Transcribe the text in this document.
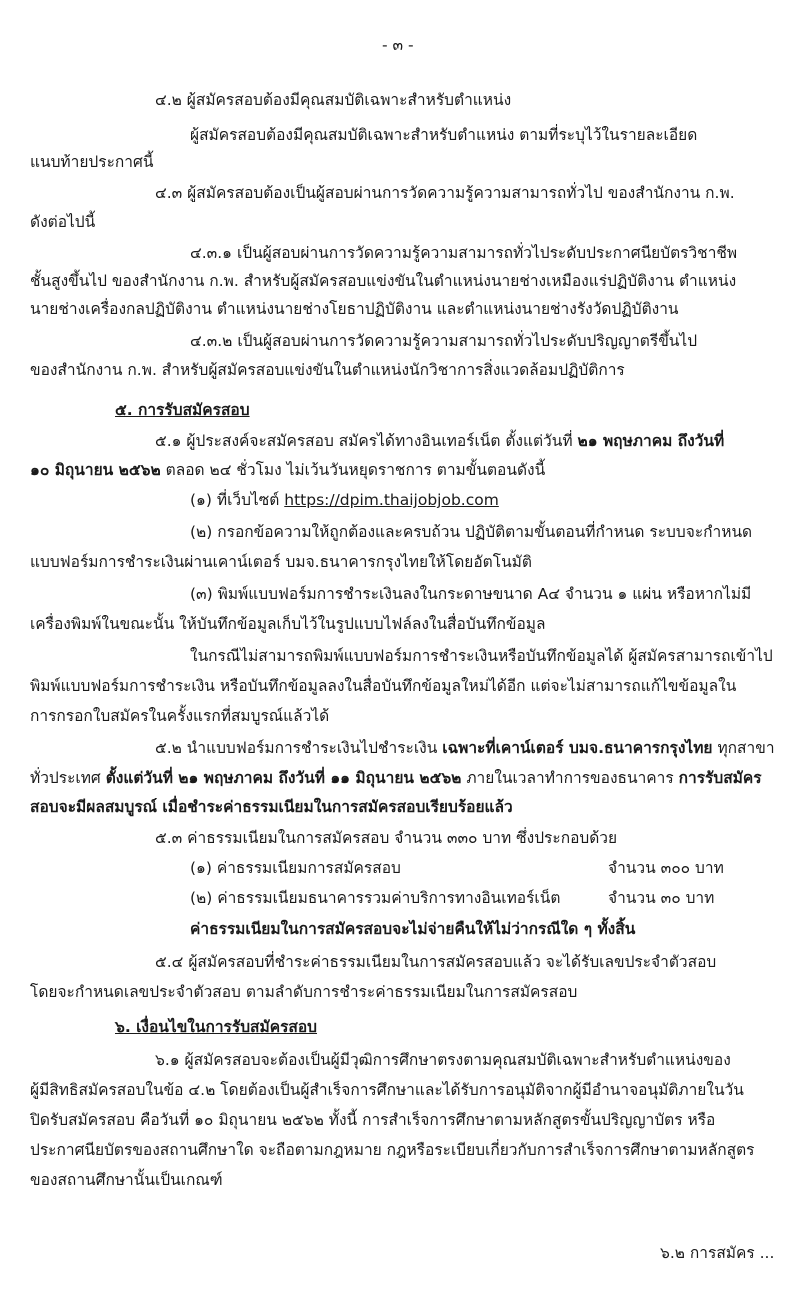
- ๓ -
๔.๒ ผู้สมัครสอบต้องมีคุณสมบัติเฉพาะสำหรับตำแหน่ง
ผู้สมัครสอบต้องมีคุณสมบัติเฉพาะสำหรับตำแหน่ง ตามที่ระบุไว้ในรายละเอียด
แนบท้ายประกาศนี้
๔.๓ ผู้สมัครสอบต้องเป็นผู้สอบผ่านการวัดความรู้ความสามารถทั่วไป ของสำนักงาน ก.พ.
ดังต่อไปนี้
๔.๓.๑ เป็นผู้สอบผ่านการวัดความรู้ความสามารถทั่วไประดับประกาศนียบัตรวิชาชีพ
ชั้นสูงขึ้นไป ของสำนักงาน ก.พ. สำหรับผู้สมัครสอบแข่งขันในตำแหน่งนายช่างเหมืองแร่ปฏิบัติงาน ตำแหน่ง
นายช่างเครื่องกลปฏิบัติงาน ตำแหน่งนายช่างโยธาปฏิบัติงาน และตำแหน่งนายช่างรังวัดปฏิบัติงาน
๔.๓.๒ เป็นผู้สอบผ่านการวัดความรู้ความสามารถทั่วไประดับปริญญาตรีขึ้นไป
ของสำนักงาน ก.พ. สำหรับผู้สมัครสอบแข่งขันในตำแหน่งนักวิชาการสิ่งแวดล้อมปฏิบัติการ
๕. การรับสมัครสอบ
๕.๑ ผู้ประสงค์จะสมัครสอบ สมัครได้ทางอินเทอร์เน็ต ตั้งแต่วันที่ ๒๑ พฤษภาคม ถึงวันที่
๑๐ มิถุนายน ๒๕๖๒ ตลอด ๒๔ ชั่วโมง ไม่เว้นวันหยุดราชการ ตามขั้นตอนดังนี้
(๑) ที่เว็บไซต์ https://dpim.thaijobjob.com
(๒) กรอกข้อความให้ถูกต้องและครบถ้วน ปฏิบัติตามขั้นตอนที่กำหนด ระบบจะกำหนด
แบบฟอร์มการชำระเงินผ่านเคาน์เตอร์ บมจ.ธนาคารกรุงไทยให้โดยอัตโนมัติ
(๓) พิมพ์แบบฟอร์มการชำระเงินลงในกระดาษขนาด A๔ จำนวน ๑ แผ่น หรือหากไม่มี
เครื่องพิมพ์ในขณะนั้น ให้บันทึกข้อมูลเก็บไว้ในรูปแบบไฟล์ลงในสื่อบันทึกข้อมูล
ในกรณีไม่สามารถพิมพ์แบบฟอร์มการชำระเงินหรือบันทึกข้อมูลได้ ผู้สมัครสามารถเข้าไป
พิมพ์แบบฟอร์มการชำระเงิน หรือบันทึกข้อมูลลงในสื่อบันทึกข้อมูลใหม่ได้อีก แต่จะไม่สามารถแก้ไขข้อมูลใน
การกรอกใบสมัครในครั้งแรกที่สมบูรณ์แล้วได้
๕.๒ นำแบบฟอร์มการชำระเงินไปชำระเงิน เฉพาะที่เคาน์เตอร์ บมจ.ธนาคารกรุงไทย ทุกสาขา
ทั่วประเทศ ตั้งแต่วันที่ ๒๑ พฤษภาคม ถึงวันที่ ๑๑ มิถุนายน ๒๕๖๒ ภายในเวลาทำการของธนาคาร การรับสมัคร
สอบจะมีผลสมบูรณ์ เมื่อชำระค่าธรรมเนียมในการสมัครสอบเรียบร้อยแล้ว
๕.๓ ค่าธรรมเนียมในการสมัครสอบ จำนวน ๓๓๐ บาท ซึ่งประกอบด้วย
(๑) ค่าธรรมเนียมการสมัครสอบ	จำนวน ๓๐๐ บาท
(๒) ค่าธรรมเนียมธนาคารรวมค่าบริการทางอินเทอร์เน็ต	จำนวน ๓๐ บาท
ค่าธรรมเนียมในการสมัครสอบจะไม่จ่ายคืนให้ไม่ว่ากรณีใด ๆ ทั้งสิ้น
๕.๔ ผู้สมัครสอบที่ชำระค่าธรรมเนียมในการสมัครสอบแล้ว จะได้รับเลขประจำตัวสอบ
โดยจะกำหนดเลขประจำตัวสอบ ตามลำดับการชำระค่าธรรมเนียมในการสมัครสอบ
๖. เงื่อนไขในการรับสมัครสอบ
๖.๑ ผู้สมัครสอบจะต้องเป็นผู้มีวุฒิการศึกษาตรงตามคุณสมบัติเฉพาะสำหรับตำแหน่งของ
ผู้มีสิทธิสมัครสอบในข้อ ๔.๒ โดยต้องเป็นผู้สำเร็จการศึกษาและได้รับการอนุมัติจากผู้มีอำนาจอนุมัติภายในวัน
ปิดรับสมัครสอบ คือวันที่ ๑๐ มิถุนายน ๒๕๖๒ ทั้งนี้ การสำเร็จการศึกษาตามหลักสูตรขั้นปริญญาบัตร หรือ
ประกาศนียบัตรของสถานศึกษาใด จะถือตามกฎหมาย กฎหรือระเบียบเกี่ยวกับการสำเร็จการศึกษาตามหลักสูตร
ของสถานศึกษานั้นเป็นเกณฑ์
๖.๒ การสมัคร ...
